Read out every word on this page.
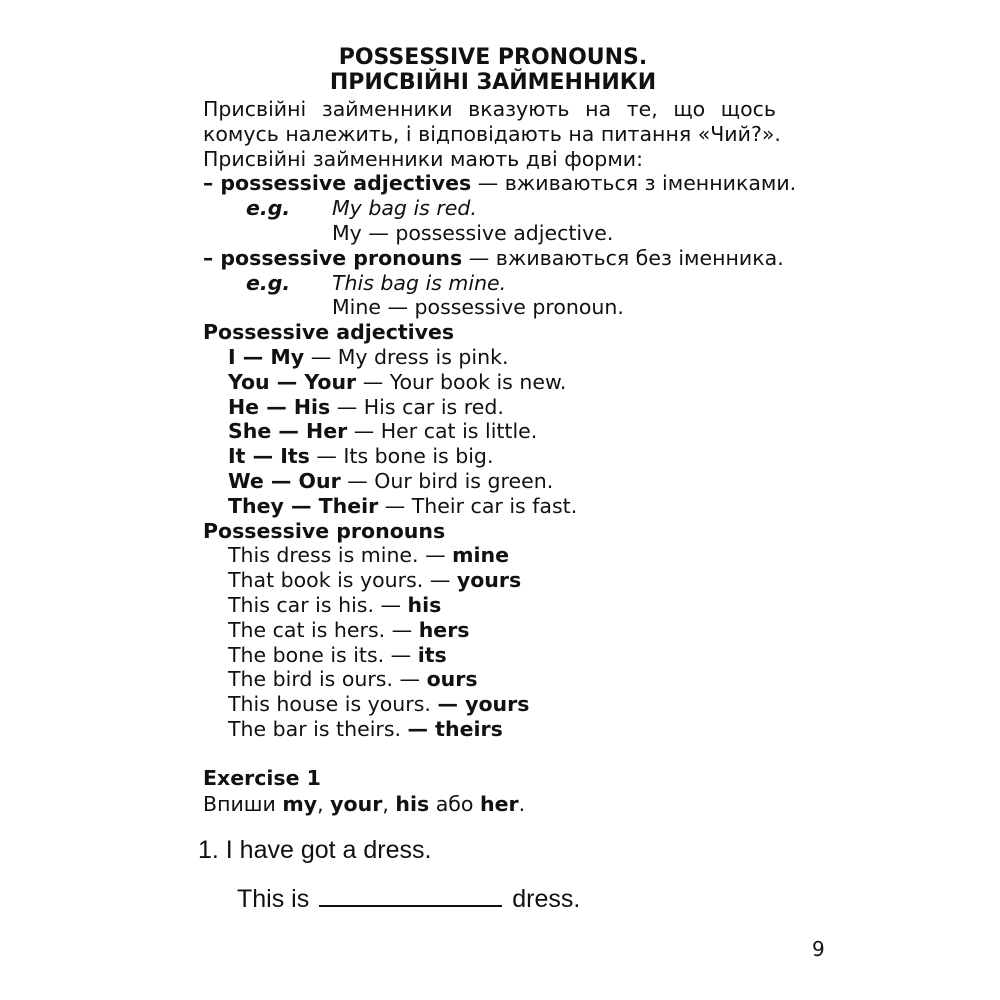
POSSESSIVE PRONOUNS.
ПРИСВІЙНІ ЗАЙМЕННИКИ
Присвійні займенники вказують на те, що щось
комусь належить, і відповідають на питання «Чий?».
Присвійні займенники мають дві форми:
– possessive adjectives — вживаються з іменниками.
e.g. My bag is red.
My — possessive adjective.
– possessive pronouns — вживаються без іменника.
e.g. This bag is mine.
Mine — possessive pronoun.
Possessive adjectives
I — My — My dress is pink.
You — Your — Your book is new.
He — His — His car is red.
She — Her — Her cat is little.
It — Its — Its bone is big.
We — Our — Our bird is green.
They — Their — Their car is fast.
Possessive pronouns
This dress is mine. — mine
That book is yours. — yours
This car is his. — his
The cat is hers. — hers
The bone is its. — its
The bird is ours. — ours
This house is yours. — yours
The bar is theirs. — theirs
Exercise 1
Впиши my, your, his або her.
1. I have got a dress.
This is	dress.
9
